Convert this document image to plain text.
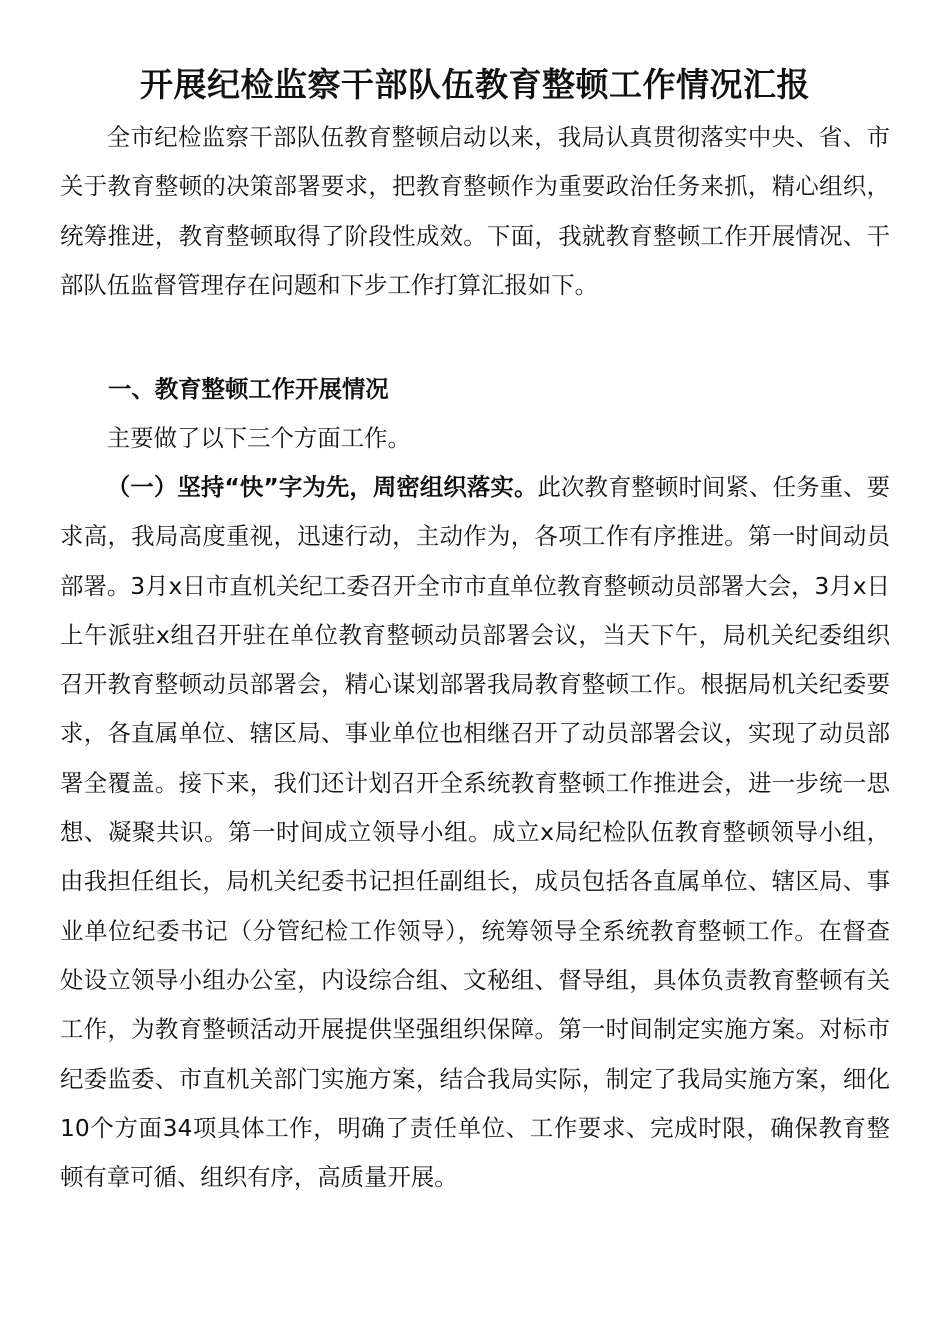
开展纪检监察干部队伍教育整顿工作情况汇报

全市纪检监察干部队伍教育整顿启动以来，我局认真贯彻落实中央、省、市关于教育整顿的决策部署要求，把教育整顿作为重要政治任务来抓，精心组织，统筹推进，教育整顿取得了阶段性成效。下面，我就教育整顿工作开展情况、干部队伍监督管理存在问题和下步工作打算汇报如下。

一、教育整顿工作开展情况

主要做了以下三个方面工作。

（一）坚持“快”字为先，周密组织落实。此次教育整顿时间紧、任务重、要求高，我局高度重视，迅速行动，主动作为，各项工作有序推进。第一时间动员部署。3月x日市直机关纪工委召开全市市直单位教育整顿动员部署大会，3月x日上午派驻x组召开驻在单位教育整顿动员部署会议，当天下午，局机关纪委组织召开教育整顿动员部署会，精心谋划部署我局教育整顿工作。根据局机关纪委要求，各直属单位、辖区局、事业单位也相继召开了动员部署会议，实现了动员部署全覆盖。接下来，我们还计划召开全系统教育整顿工作推进会，进一步统一思想、凝聚共识。第一时间成立领导小组。成立x局纪检队伍教育整顿领导小组，由我担任组长，局机关纪委书记担任副组长，成员包括各直属单位、辖区局、事业单位纪委书记（分管纪检工作领导），统筹领导全系统教育整顿工作。在督查处设立领导小组办公室，内设综合组、文秘组、督导组，具体负责教育整顿有关工作，为教育整顿活动开展提供坚强组织保障。第一时间制定实施方案。对标市纪委监委、市直机关部门实施方案，结合我局实际，制定了我局实施方案，细化10个方面34项具体工作，明确了责任单位、工作要求、完成时限，确保教育整顿有章可循、组织有序，高质量开展。
